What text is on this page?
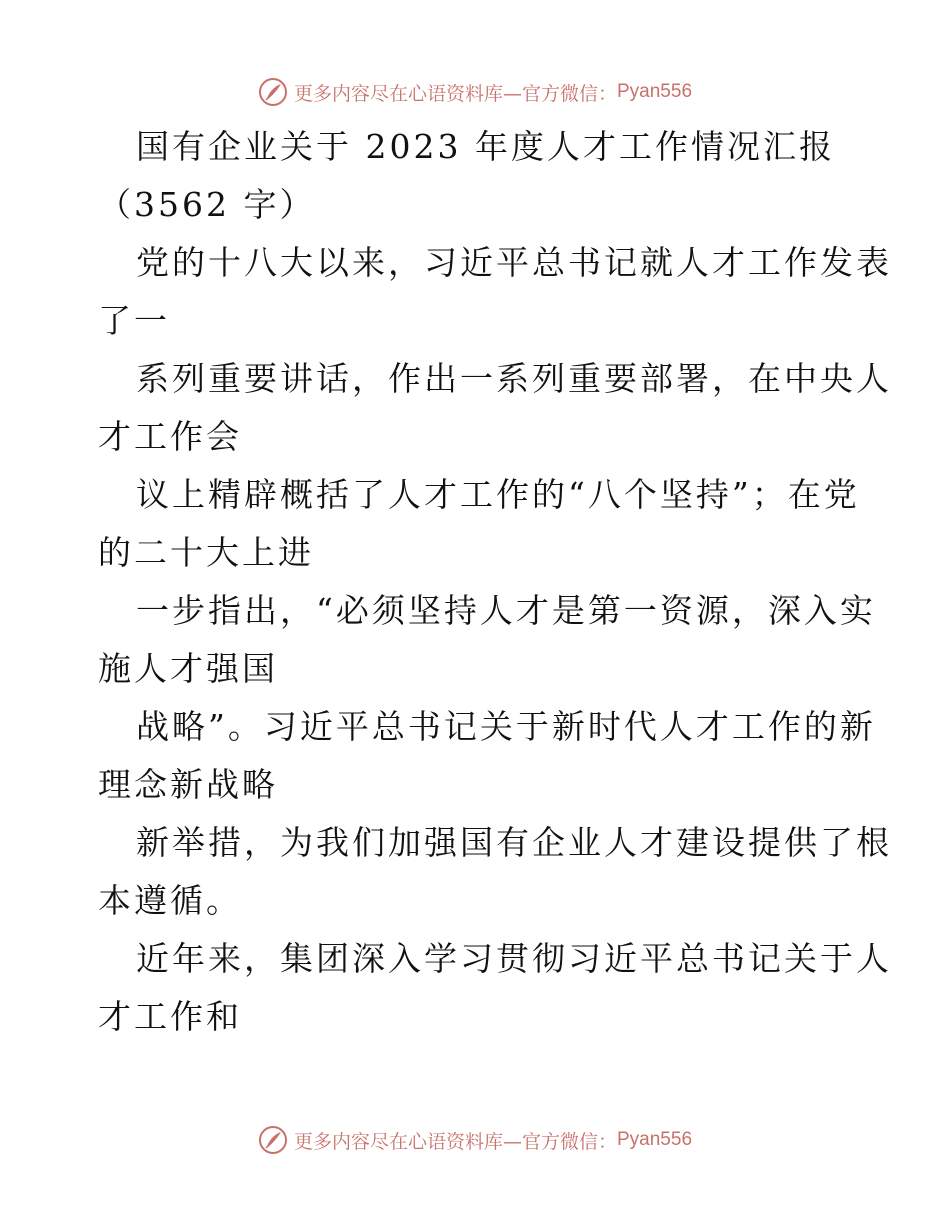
更多内容尽在心语资料库—官方微信： Pyan556
国有企业关于 2023 年度人才工作情况汇报
（3562 字）
党的十八大以来，习近平总书记就人才工作发表
了一
系列重要讲话，作出一系列重要部署，在中央人
才工作会
议上精辟概括了人才工作的“八个坚持”；在党
的二十大上进
一步指出，“必须坚持人才是第一资源，深入实
施人才强国
战略”。习近平总书记关于新时代人才工作的新
理念新战略
新举措，为我们加强国有企业人才建设提供了根
本遵循。
近年来，集团深入学习贯彻习近平总书记关于人
才工作和
更多内容尽在心语资料库—官方微信： Pyan556
